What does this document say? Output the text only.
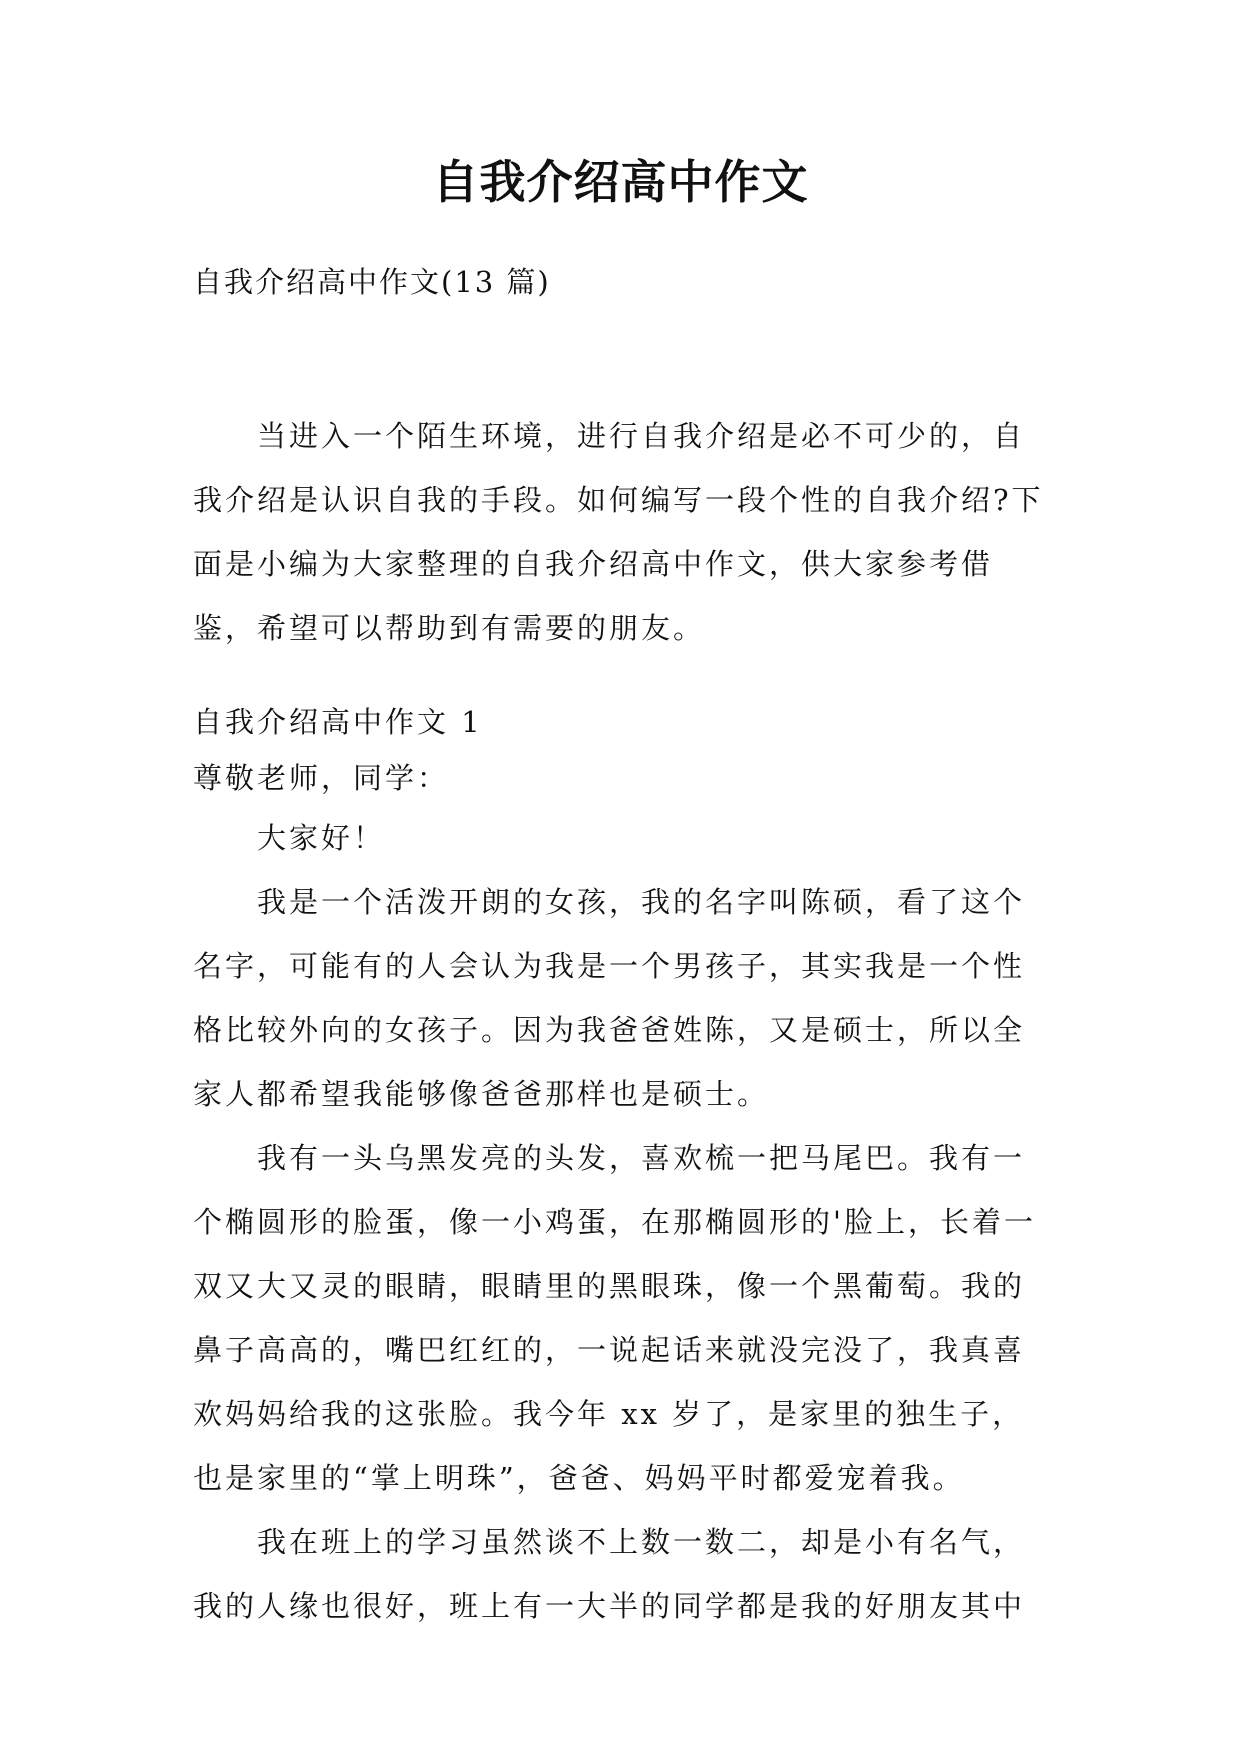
自我介绍高中作文

自我介绍高中作文(13 篇)

当进入一个陌生环境，进行自我介绍是必不可少的，自我介绍是认识自我的手段。如何编写一段个性的自我介绍?下面是小编为大家整理的自我介绍高中作文，供大家参考借鉴，希望可以帮助到有需要的朋友。

自我介绍高中作文 1

尊敬老师，同学：

大家好！

我是一个活泼开朗的女孩，我的名字叫陈硕，看了这个名字，可能有的人会认为我是一个男孩子，其实我是一个性格比较外向的女孩子。因为我爸爸姓陈，又是硕士，所以全家人都希望我能够像爸爸那样也是硕士。

我有一头乌黑发亮的头发，喜欢梳一把马尾巴。我有一个椭圆形的脸蛋，像一小鸡蛋，在那椭圆形的'脸上，长着一双又大又灵的眼睛，眼睛里的黑眼珠，像一个黑葡萄。我的鼻子高高的，嘴巴红红的，一说起话来就没完没了，我真喜欢妈妈给我的这张脸。我今年 xx 岁了，是家里的独生子，也是家里的“掌上明珠”，爸爸、妈妈平时都爱宠着我。

我在班上的学习虽然谈不上数一数二，却是小有名气，我的人缘也很好，班上有一大半的同学都是我的好朋友其中
